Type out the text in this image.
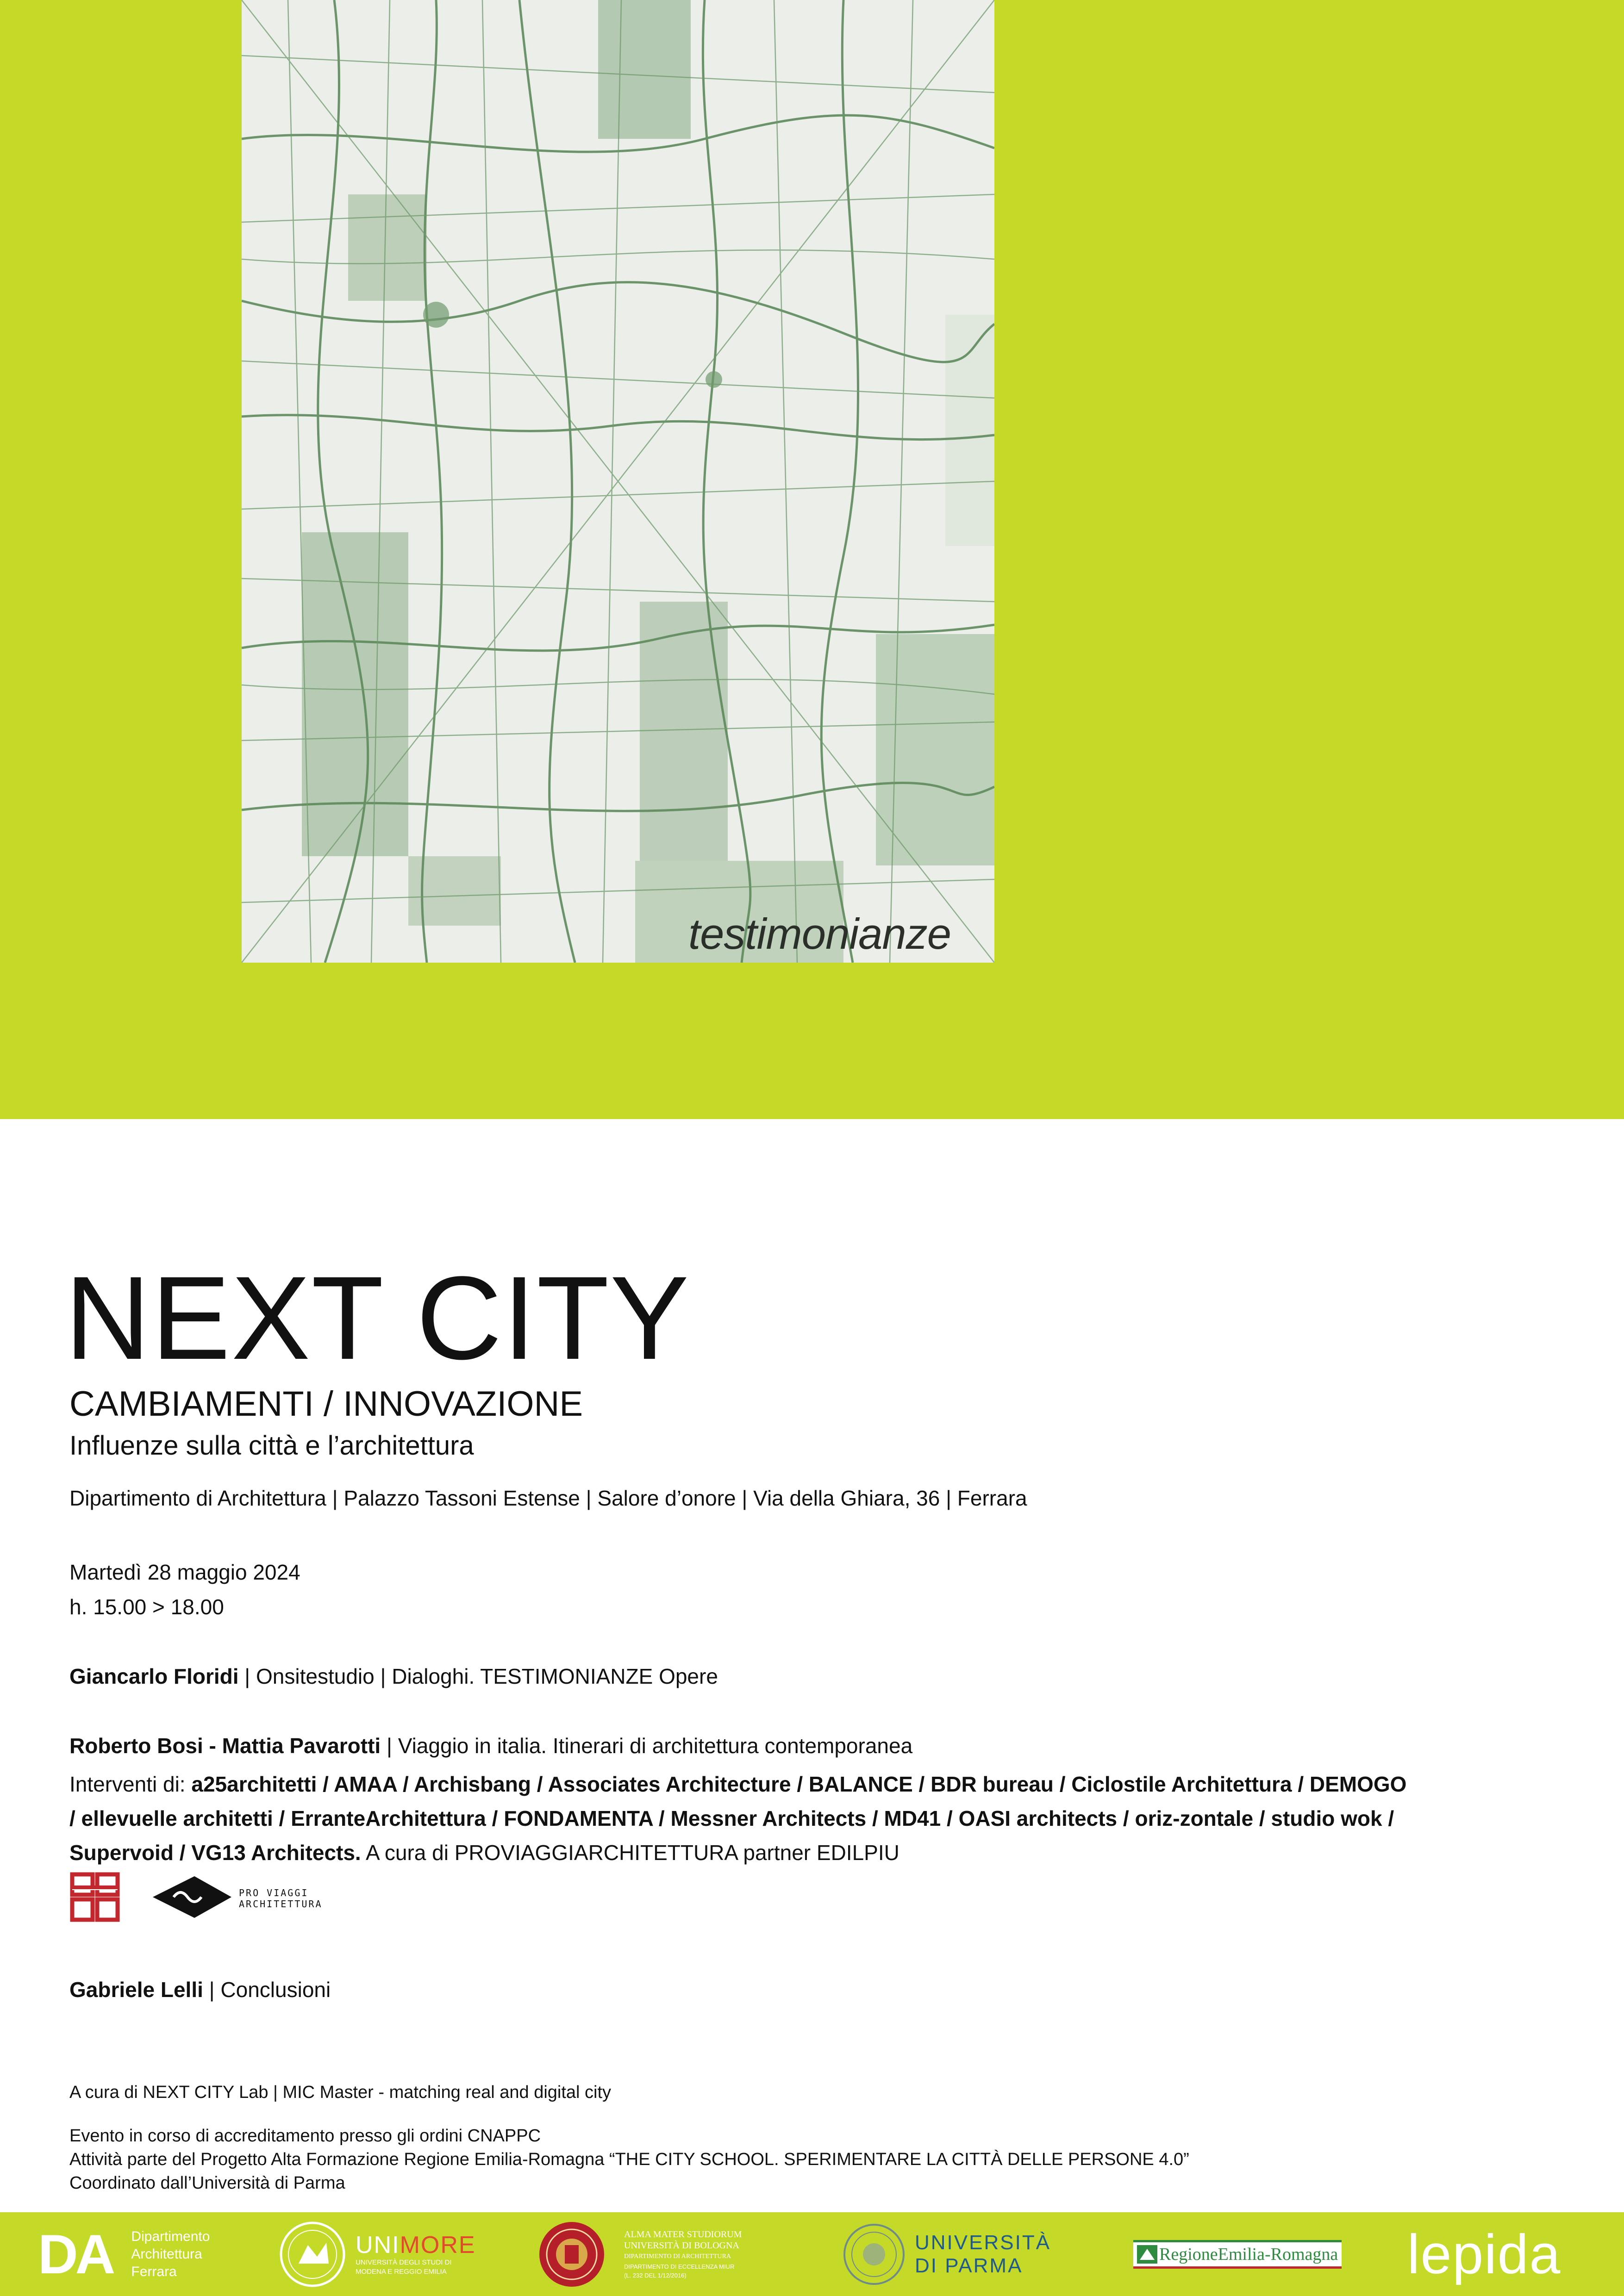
testimonianze
NEXT CITY
CAMBIAMENTI / INNOVAZIONE
Influenze sulla città e l’architettura
Dipartimento di Architettura | Palazzo Tassoni Estense | Salore d’onore | Via della Ghiara, 36 | Ferrara
Martedì 28 maggio 2024
h. 15.00 > 18.00
Giancarlo Floridi | Onsitestudio | Dialoghi. TESTIMONIANZE Opere
Roberto Bosi - Mattia Pavarotti | Viaggio in italia. Itinerari di architettura contemporanea
Interventi di: a25architetti / AMAA / Archisbang / Associates Architecture / BALANCE / BDR bureau / Ciclostile Architettura / DEMOGO / ellevuelle architetti / ErranteArchitettura / FONDAMENTA / Messner Architects / MD41 / OASI architects / oriz-zontale / studio wok / Supervoid / VG13 Architects. A cura di PROVIAGGIARCHITETTURA partner EDILPIU
PRO VIAGGI
ARCHITETTURA
Gabriele Lelli | Conclusioni
A cura di NEXT CITY Lab | MIC Master - matching real and digital city
Evento in corso di accreditamento presso gli ordini CNAPPC
Attività parte del Progetto Alta Formazione Regione Emilia-Romagna “THE CITY SCHOOL. SPERIMENTARE LA CITTÀ DELLE PERSONE 4.0”
Coordinato dall’Università di Parma
DA Dipartimento
Architettura
Ferrara
UNIMORE
UNIVERSITÀ DEGLI STUDI DI
MODENA E REGGIO EMILIA
ALMA MATER STUDIORUM
UNIVERSITÀ DI BOLOGNA
DIPARTIMENTO DI ARCHITETTURA
DIPARTIMENTO DI ECCELLENZA MIUR
(L. 232 DEL 1/12/2016)
UNIVERSITÀ
DI PARMA	RegioneEmilia-Romagna lepida
